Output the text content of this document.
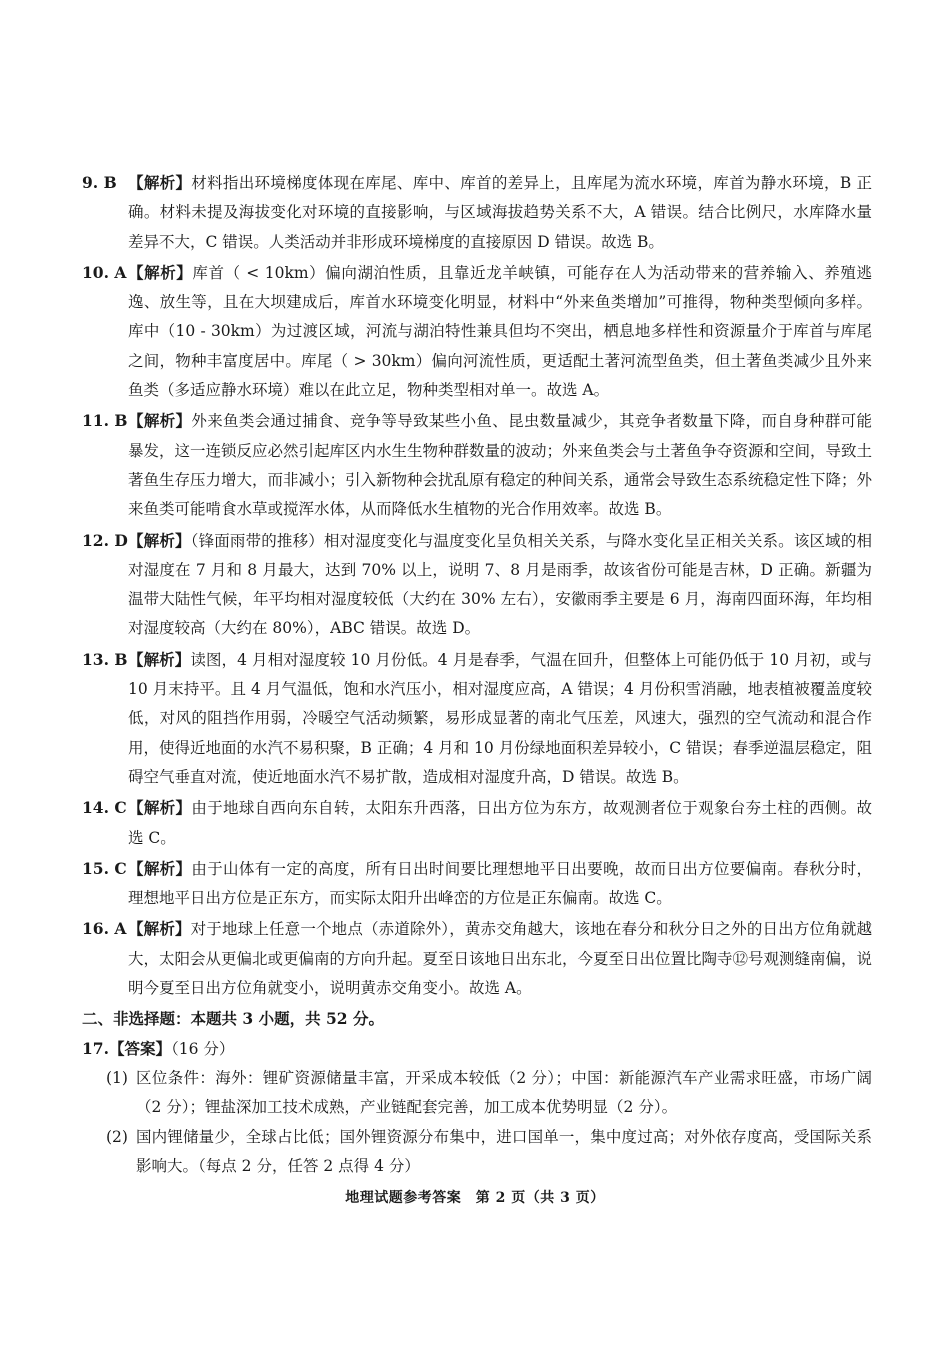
9. B 【解析】材料指出环境梯度体现在库尾、库中、库首的差异上，且库尾为流水环境，库首为静水环境，B 正确。材料未提及海拔变化对环境的直接影响，与区域海拔趋势关系不大，A 错误。结合比例尺，水库降水量差异不大，C 错误。人类活动并非形成环境梯度的直接原因 D 错误。故选 B。
10. A 【解析】库首（ < 10km）偏向湖泊性质，且靠近龙羊峡镇，可能存在人为活动带来的营养输入、养殖逃逸、放生等，且在大坝建成后，库首水环境变化明显，材料中“外来鱼类增加”可推得，物种类型倾向多样。库中（10 - 30km）为过渡区域，河流与湖泊特性兼具但均不突出，栖息地多样性和资源量介于库首与库尾之间，物种丰富度居中。库尾（ > 30km）偏向河流性质，更适配土著河流型鱼类，但土著鱼类减少且外来鱼类（多适应静水环境）难以在此立足，物种类型相对单一。故选 A。
11. B 【解析】外来鱼类会通过捕食、竞争等导致某些小鱼、昆虫数量减少，其竞争者数量下降，而自身种群可能暴发，这一连锁反应必然引起库区内水生生物种群数量的波动；外来鱼类会与土著鱼争夺资源和空间，导致土著鱼生存压力增大，而非减小；引入新物种会扰乱原有稳定的种间关系，通常会导致生态系统稳定性下降；外来鱼类可能啃食水草或搅浑水体，从而降低水生植物的光合作用效率。故选 B。
12. D 【解析】（锋面雨带的推移）相对湿度变化与温度变化呈负相关关系，与降水变化呈正相关关系。该区域的相对湿度在 7 月和 8 月最大，达到 70% 以上，说明 7、8 月是雨季，故该省份可能是吉林，D 正确。新疆为温带大陆性气候，年平均相对湿度较低（大约在 30% 左右），安徽雨季主要是 6 月，海南四面环海，年均相对湿度较高（大约在 80%），ABC 错误。故选 D。
13. B 【解析】读图，4 月相对湿度较 10 月份低。4 月是春季，气温在回升，但整体上可能仍低于 10 月初，或与10 月末持平。且 4 月气温低，饱和水汽压小，相对湿度应高，A 错误；4 月份积雪消融，地表植被覆盖度较低，对风的阻挡作用弱，冷暖空气活动频繁，易形成显著的南北气压差，风速大，强烈的空气流动和混合作用，使得近地面的水汽不易积聚，B 正确；4 月和 10 月份绿地面积差异较小，C 错误；春季逆温层稳定，阻碍空气垂直对流，使近地面水汽不易扩散，造成相对湿度升高，D 错误。故选 B。
14. C 【解析】由于地球自西向东自转，太阳东升西落，日出方位为东方，故观测者位于观象台夯土柱的西侧。故选 C。
15. C 【解析】由于山体有一定的高度，所有日出时间要比理想地平日出要晚，故而日出方位要偏南。春秋分时，理想地平日出方位是正东方，而实际太阳升出峰峦的方位是正东偏南。故选 C。
16. A 【解析】对于地球上任意一个地点（赤道除外），黄赤交角越大，该地在春分和秋分日之外的日出方位角就越大，太阳会从更偏北或更偏南的方向升起。夏至日该地日出东北，今夏至日出位置比陶寺⑫号观测缝南偏，说明今夏至日出方位角就变小，说明黄赤交角变小。故选 A。
二、非选择题：本题共 3 小题，共 52 分。
17.【答案】（16 分）
(1) 区位条件：海外：锂矿资源储量丰富，开采成本较低（2 分）；中国：新能源汽车产业需求旺盛，市场广阔（2 分）；锂盐深加工技术成熟，产业链配套完善，加工成本优势明显（2 分）。
(2) 国内锂储量少，全球占比低；国外锂资源分布集中，进口国单一，集中度过高；对外依存度高，受国际关系影响大。（每点 2 分，任答 2 点得 4 分）
地理试题参考答案　第 2 页（共 3 页）
